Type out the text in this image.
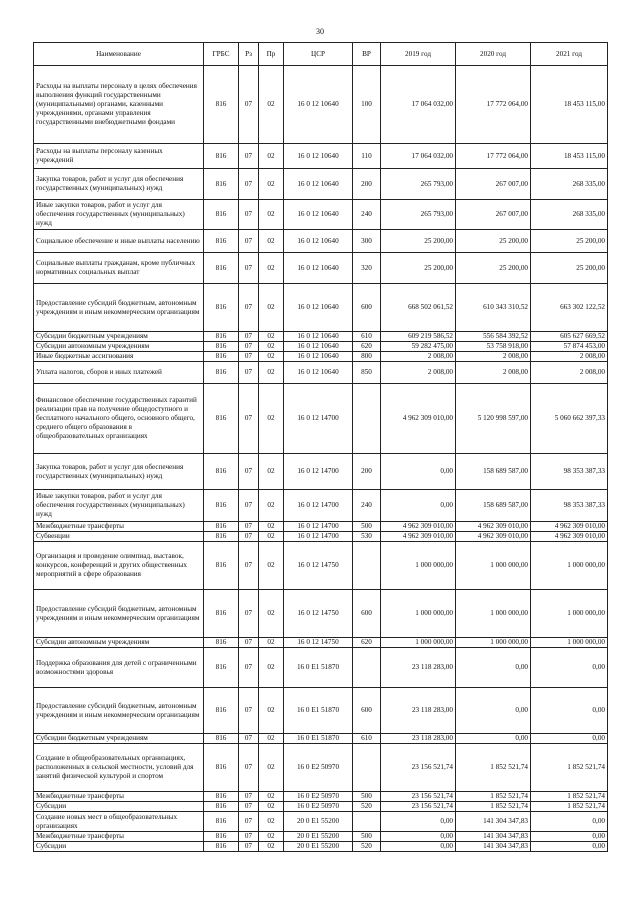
30
Наименование	ГРБС	Рз	Пр	ЦСР	ВР	2019 год	2020 год	2021 год
Расходы на выплаты персоналу в целях обеспечения выполнения функций государственными (муниципальными) органами, казенными учреждениями, органами управления государственными внебюджетными фондами	816	07	02	16 0 12 10640	100	17 064 032,00	17 772 064,00	18 453 115,00
Расходы на выплаты персоналу казенных учреждений	816	07	02	16 0 12 10640	110	17 064 032,00	17 772 064,00	18 453 115,00
Закупка товаров, работ и услуг для обеспечения государственных (муниципальных) нужд	816	07	02	16 0 12 10640	200	265 793,00	267 007,00	268 335,00
Иные закупки товаров, работ и услуг для обеспечения государственных (муниципальных) нужд	816	07	02	16 0 12 10640	240	265 793,00	267 007,00	268 335,00
Социальное обеспечение и иные выплаты населению	816	07	02	16 0 12 10640	300	25 200,00	25 200,00	25 200,00
Социальные выплаты гражданам, кроме публичных нормативных социальных выплат	816	07	02	16 0 12 10640	320	25 200,00	25 200,00	25 200,00
Предоставление субсидий бюджетным, автономным учреждениям и иным некоммерческим организациям	816	07	02	16 0 12 10640	600	668 502 061,52	610 343 310,52	663 302 122,52
Субсидии бюджетным учреждениям	816	07	02	16 0 12 10640	610	609 219 586,52	556 584 392,52	605 627 669,52
Субсидии автономным учреждениям	816	07	02	16 0 12 10640	620	59 282 475,00	53 758 918,00	57 874 453,00
Иные бюджетные ассигнования	816	07	02	16 0 12 10640	800	2 008,00	2 008,00	2 008,00
Уплата налогов, сборов и иных платежей	816	07	02	16 0 12 10640	850	2 008,00	2 008,00	2 008,00
Финансовое обеспечение государственных гарантий реализации прав на получение общедоступного и бесплатного начального общего, основного общего, среднего общего образования в общеобразовательных организациях	816	07	02	16 0 12 14700		4 962 309 010,00	5 120 998 597,00	5 060 662 397,33
Закупка товаров, работ и услуг для обеспечения государственных (муниципальных) нужд	816	07	02	16 0 12 14700	200	0,00	158 689 587,00	98 353 387,33
Иные закупки товаров, работ и услуг для обеспечения государственных (муниципальных) нужд	816	07	02	16 0 12 14700	240	0,00	158 689 587,00	98 353 387,33
Межбюджетные трансферты	816	07	02	16 0 12 14700	500	4 962 309 010,00	4 962 309 010,00	4 962 309 010,00
Субвенции	816	07	02	16 0 12 14700	530	4 962 309 010,00	4 962 309 010,00	4 962 309 010,00
Организация и проведение олимпиад, выставок, конкурсов, конференций и других общественных мероприятий в сфере образования	816	07	02	16 0 12 14750		1 000 000,00	1 000 000,00	1 000 000,00
Предоставление субсидий бюджетным, автономным учреждениям и иным некоммерческим организациям	816	07	02	16 0 12 14750	600	1 000 000,00	1 000 000,00	1 000 000,00
Субсидии автономным учреждениям	816	07	02	16 0 12 14750	620	1 000 000,00	1 000 000,00	1 000 000,00
Поддержка образования для детей с ограниченными возможностями здоровья	816	07	02	16 0 E1 51870		23 118 283,00	0,00	0,00
Предоставление субсидий бюджетным, автономным учреждениям и иным некоммерческим организациям	816	07	02	16 0 E1 51870	600	23 118 283,00	0,00	0,00
Субсидии бюджетным учреждениям	816	07	02	16 0 E1 51870	610	23 118 283,00	0,00	0,00
Создание в общеобразовательных организациях, расположенных в сельской местности, условий для занятий физической культурой и спортом	816	07	02	16 0 E2 50970		23 156 521,74	1 852 521,74	1 852 521,74
Межбюджетные трансферты	816	07	02	16 0 E2 50970	500	23 156 521,74	1 852 521,74	1 852 521,74
Субсидии	816	07	02	16 0 E2 50970	520	23 156 521,74	1 852 521,74	1 852 521,74
Создание новых мест в общеобразовательных организациях	816	07	02	20 0 E1 55200		0,00	141 304 347,83	0,00
Межбюджетные трансферты	816	07	02	20 0 E1 55200	500	0,00	141 304 347,83	0,00
Субсидии	816	07	02	20 0 E1 55200	520	0,00	141 304 347,83	0,00
